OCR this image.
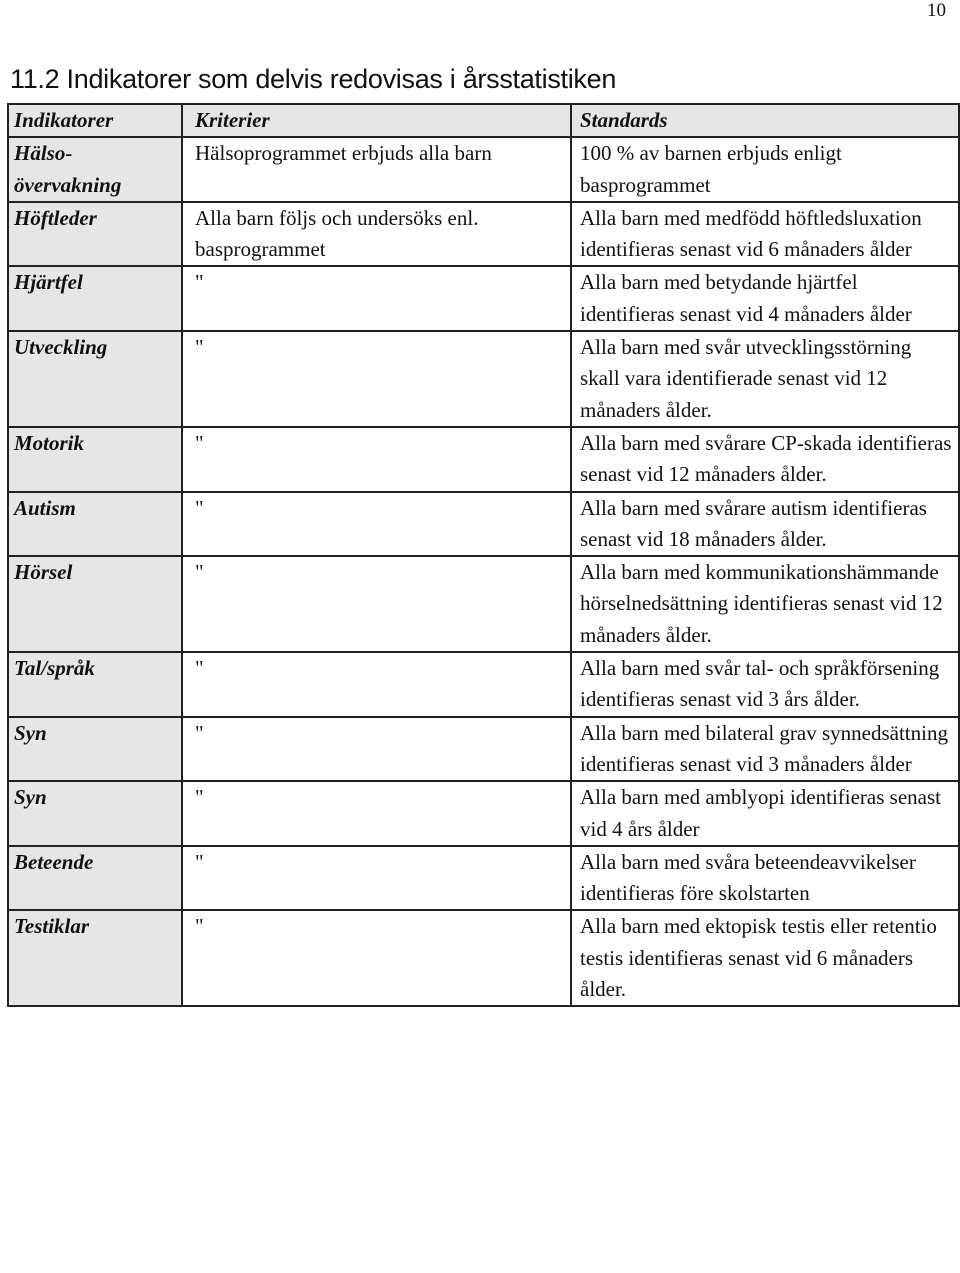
10
11.2 Indikatorer som delvis redovisas i årsstatistiken
Indikatorer	Kriterier	Standards
Hälso-övervakning	Hälsoprogrammet erbjuds alla barn	100 % av barnen erbjuds enligt basprogrammet
Höftleder	Alla barn följs och undersöks enl. basprogrammet	Alla barn med medfödd höftledsluxation identifieras senast vid 6 månaders ålder
Hjärtfel	"	Alla barn med betydande hjärtfel identifieras senast vid 4 månaders ålder
Utveckling	"	Alla barn med svår utvecklingsstörning skall vara identifierade senast vid 12 månaders ålder.
Motorik	"	Alla barn med svårare CP-skada identifieras senast vid 12 månaders ålder.
Autism	"	Alla barn med svårare autism identifieras senast vid 18 månaders ålder.
Hörsel	"	Alla barn med kommunikationshämmande hörselnedsättning identifieras senast vid 12 månaders ålder.
Tal/språk	"	Alla barn med svår tal- och språkförsening identifieras senast vid 3 års ålder.
Syn	"	Alla barn med bilateral grav synnedsättning identifieras senast vid 3 månaders ålder
Syn	"	Alla barn med amblyopi identifieras senast vid 4 års ålder
Beteende	"	Alla barn med svåra beteendeavvikelser identifieras före skolstarten
Testiklar	"	Alla barn med ektopisk testis eller retentio testis identifieras senast vid 6 månaders ålder.
